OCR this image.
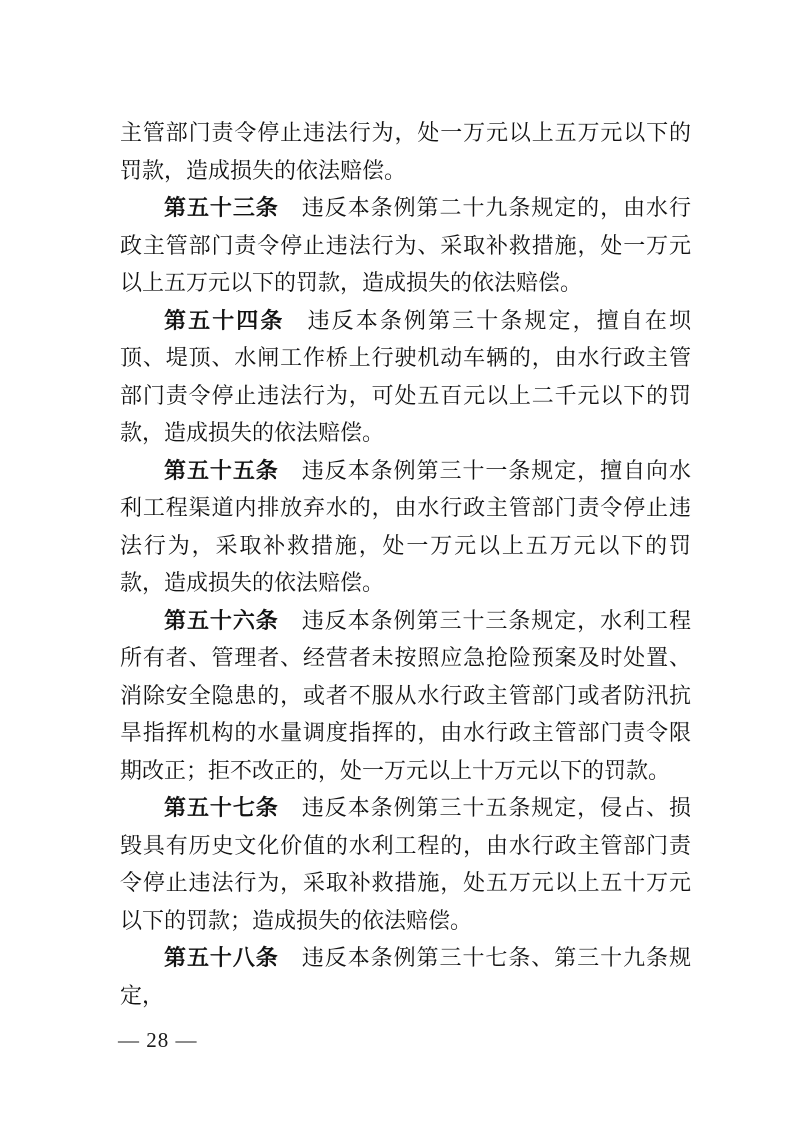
主管部门责令停止违法行为，处一万元以上五万元以下的罚款，造成损失的依法赔偿。

第五十三条 违反本条例第二十九条规定的，由水行政主管部门责令停止违法行为、采取补救措施，处一万元以上五万元以下的罚款，造成损失的依法赔偿。

第五十四条 违反本条例第三十条规定，擅自在坝顶、堤顶、水闸工作桥上行驶机动车辆的，由水行政主管部门责令停止违法行为，可处五百元以上二千元以下的罚款，造成损失的依法赔偿。

第五十五条 违反本条例第三十一条规定，擅自向水利工程渠道内排放弃水的，由水行政主管部门责令停止违法行为，采取补救措施，处一万元以上五万元以下的罚款，造成损失的依法赔偿。

第五十六条 违反本条例第三十三条规定，水利工程所有者、管理者、经营者未按照应急抢险预案及时处置、消除安全隐患的，或者不服从水行政主管部门或者防汛抗旱指挥机构的水量调度指挥的，由水行政主管部门责令限期改正；拒不改正的，处一万元以上十万元以下的罚款。

第五十七条 违反本条例第三十五条规定，侵占、损毁具有历史文化价值的水利工程的，由水行政主管部门责令停止违法行为，采取补救措施，处五万元以上五十万元以下的罚款；造成损失的依法赔偿。

第五十八条 违反本条例第三十七条、第三十九条规定，

— 28 —
